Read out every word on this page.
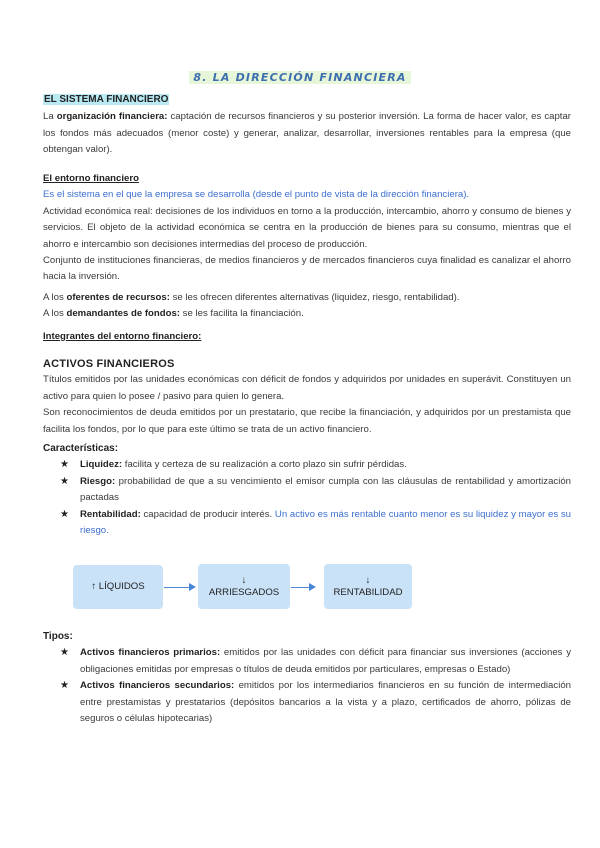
8. LA DIRECCIÓN FINANCIERA
EL SISTEMA FINANCIERO
La organización financiera: captación de recursos financieros y su posterior inversión. La forma de hacer valor, es captar los fondos más adecuados (menor coste) y generar, analizar, desarrollar, inversiones rentables para la empresa (que obtengan valor).
El entorno financiero
Es el sistema en el que la empresa se desarrolla (desde el punto de vista de la dirección financiera).
Actividad económica real: decisiones de los individuos en torno a la producción, intercambio, ahorro y consumo de bienes y servicios. El objeto de la actividad económica se centra en la producción de bienes para su consumo, mientras que el ahorro e intercambio son decisiones intermedias del proceso de producción.
Conjunto de instituciones financieras, de medios financieros y de mercados financieros cuya finalidad es canalizar el ahorro hacia la inversión.
A los oferentes de recursos: se les ofrecen diferentes alternativas (liquidez, riesgo, rentabilidad).
A los demandantes de fondos: se les facilita la financiación.
Integrantes del entorno financiero:
ACTIVOS FINANCIEROS
Títulos emitidos por las unidades económicas con déficit de fondos y adquiridos por unidades en superávit. Constituyen un activo para quien lo posee / pasivo para quien lo genera.
Son reconocimientos de deuda emitidos por un prestatario, que recibe la financiación, y adquiridos por un prestamista que facilita los fondos, por lo que para este último se trata de un activo financiero.
Características:
★ Liquidez: facilita y certeza de su realización a corto plazo sin sufrir pérdidas.
★ Riesgo: probabilidad de que a su vencimiento el emisor cumpla con las cláusulas de rentabilidad y amortización pactadas
★ Rentabilidad: capacidad de producir interés. Un activo es más rentable cuanto menor es su liquidez y mayor es su riesgo.
↑ LÍQUIDOS
↓
ARRIESGADOS
↓
RENTABILIDAD
Tipos:
★ Activos financieros primarios: emitidos por las unidades con déficit para financiar sus inversiones (acciones y obligaciones emitidas por empresas o títulos de deuda emitidos por particulares, empresas o Estado)
★ Activos financieros secundarios: emitidos por los intermediarios financieros en su función de intermediación entre prestamistas y prestatarios (depósitos bancarios a la vista y a plazo, certificados de ahorro, pólizas de seguros o células hipotecarias)
